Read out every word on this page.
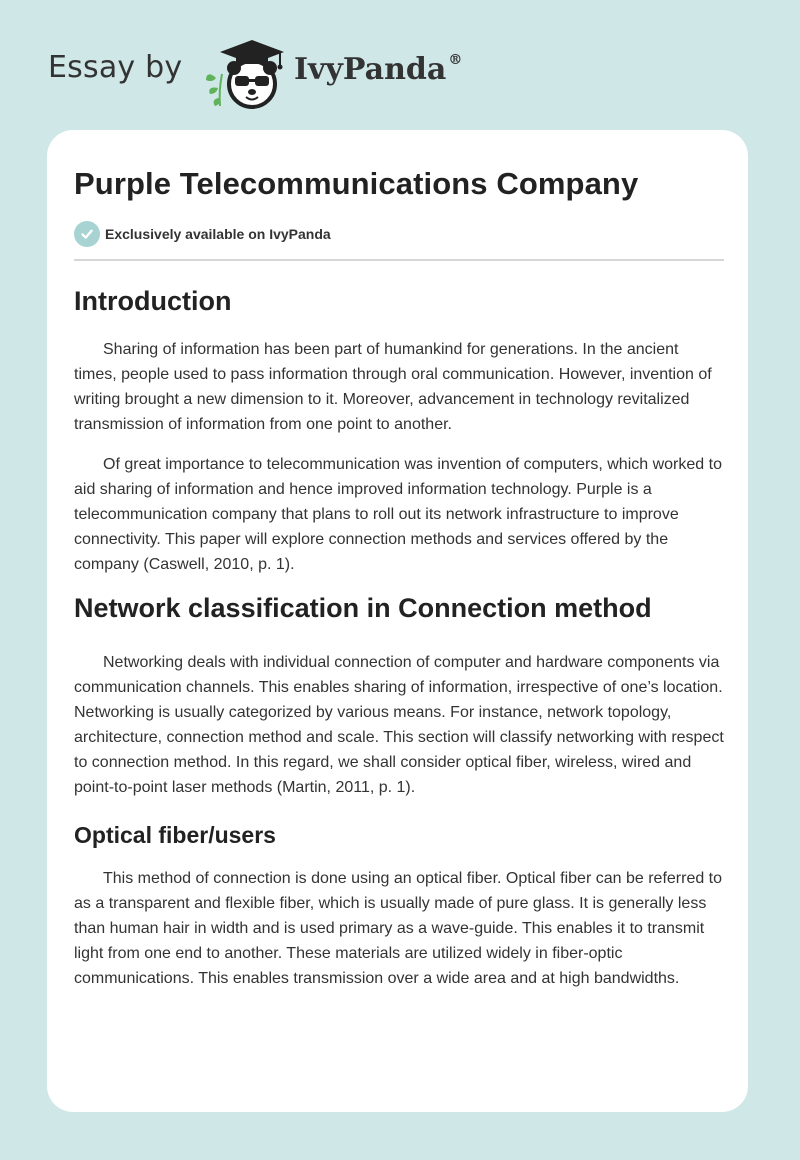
Essay by	IvyPanda ®
Purple Telecommunications Company
Exclusively available on IvyPanda
Introduction

Sharing of information has been part of humankind for generations. In the ancient times, people used to pass information through oral communication. However, invention of writing brought a new dimension to it. Moreover, advancement in technology revitalized transmission of information from one point to another.

Of great importance to telecommunication was invention of computers, which worked to aid sharing of information and hence improved information technology. Purple is a telecommunication company that plans to roll out its network infrastructure to improve connectivity. This paper will explore connection methods and services offered by the company (Caswell, 2010, p. 1).

Network classification in Connection method

Networking deals with individual connection of computer and hardware components via communication channels. This enables sharing of information, irrespective of one’s location. Networking is usually categorized by various means. For instance, network topology, architecture, connection method and scale. This section will classify networking with respect to connection method. In this regard, we shall consider optical fiber, wireless, wired and point-to-point laser methods (Martin, 2011, p. 1).

Optical fiber/users

This method of connection is done using an optical fiber. Optical fiber can be referred to as a transparent and flexible fiber, which is usually made of pure glass. It is generally less than human hair in width and is used primary as a wave-guide. This enables it to transmit light from one end to another. These materials are utilized widely in fiber-optic communications. This enables transmission over a wide area and at high bandwidths.
